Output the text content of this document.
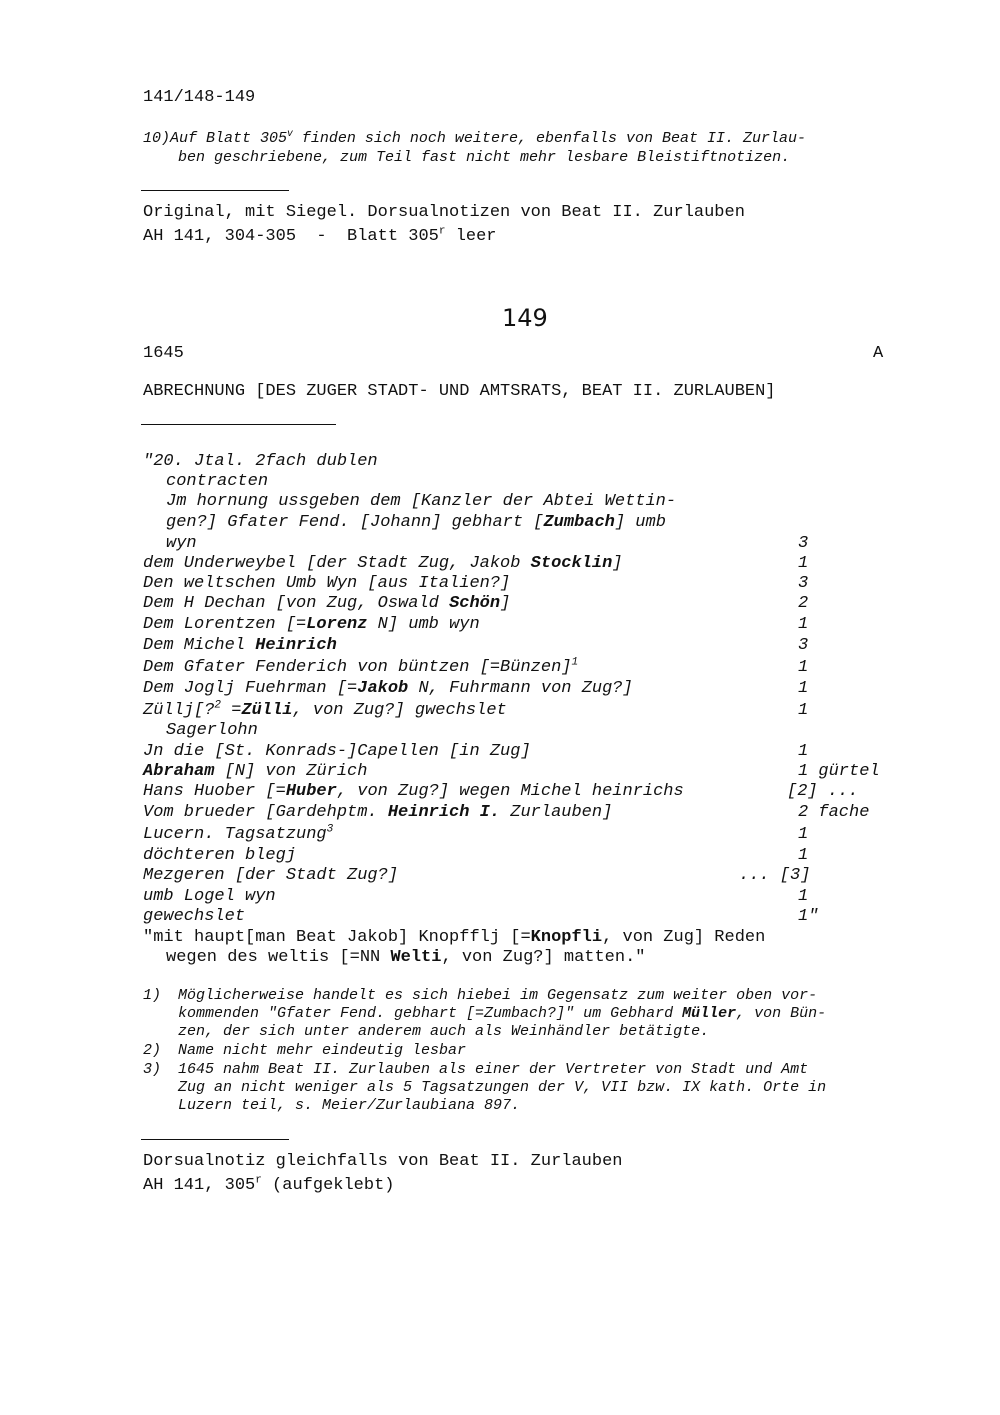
141/148-149
10)Auf Blatt 305$^v$ finden sich noch weitere, ebenfalls von Beat II. Zurlau-
ben geschriebene, zum Teil fast nicht mehr lesbare Bleistiftnotizen.
Original, mit Siegel. Dorsualnotizen von Beat II. Zurlauben
AH 141, 304-305  -  Blatt 305$^r$ leer
149
1645	A
ABRECHNUNG [DES ZUGER STADT- UND AMTSRATS, BEAT II. ZURLAUBEN]
"20. Jtal. 2fach dublen
contracten
Jm hornung ussgeben dem [Kanzler der Abtei Wettin-
gen?] Gfater Fend. [Johann] gebhart [Zumbach] umb
wyn	3
dem Underweybel [der Stadt Zug, Jakob Stocklin]	1
Den weltschen Umb Wyn [aus Italien?]	3
Dem H Dechan [von Zug, Oswald Schön]	2
Dem Lorentzen [=Lorenz N] umb wyn	1
Dem Michel Heinrich	3
Dem Gfater Fenderich von büntzen [=Bünzen]$^1$	1
Dem Joglj Fuehrman [=Jakob N, Fuhrmann von Zug?]	1
Züllj[?$^2$ =Zülli, von Zug?] gwechslet	1
Sagerlohn
Jn die [St. Konrads-]Capellen [in Zug]	1
Abraham [N] von Zürich	1 gürtel
Hans Huober [=Huber, von Zug?] wegen Michel heinrichs	[2] ...
Vom brueder [Gardehptm. Heinrich I. Zurlauben]	2 fache
Lucern. Tagsatzung$^3$	1
döchteren blegj	1
Mezgeren [der Stadt Zug?]	... [3]
umb Logel wyn	1
gewechslet	1"
"mit haupt[man Beat Jakob] Knopfflj [=Knopfli, von Zug] Reden
wegen des weltis [=NN Welti, von Zug?] matten."
1) Möglicherweise handelt es sich hiebei im Gegensatz zum weiter oben vor-
kommenden "Gfater Fend. gebhart [=Zumbach?]" um Gebhard Müller, von Bün-
zen, der sich unter anderem auch als Weinhändler betätigte.
2) Name nicht mehr eindeutig lesbar
3) 1645 nahm Beat II. Zurlauben als einer der Vertreter von Stadt und Amt
Zug an nicht weniger als 5 Tagsatzungen der V, VII bzw. IX kath. Orte in
Luzern teil, s. Meier/Zurlaubiana 897.
Dorsualnotiz gleichfalls von Beat II. Zurlauben
AH 141, 305$^r$ (aufgeklebt)
